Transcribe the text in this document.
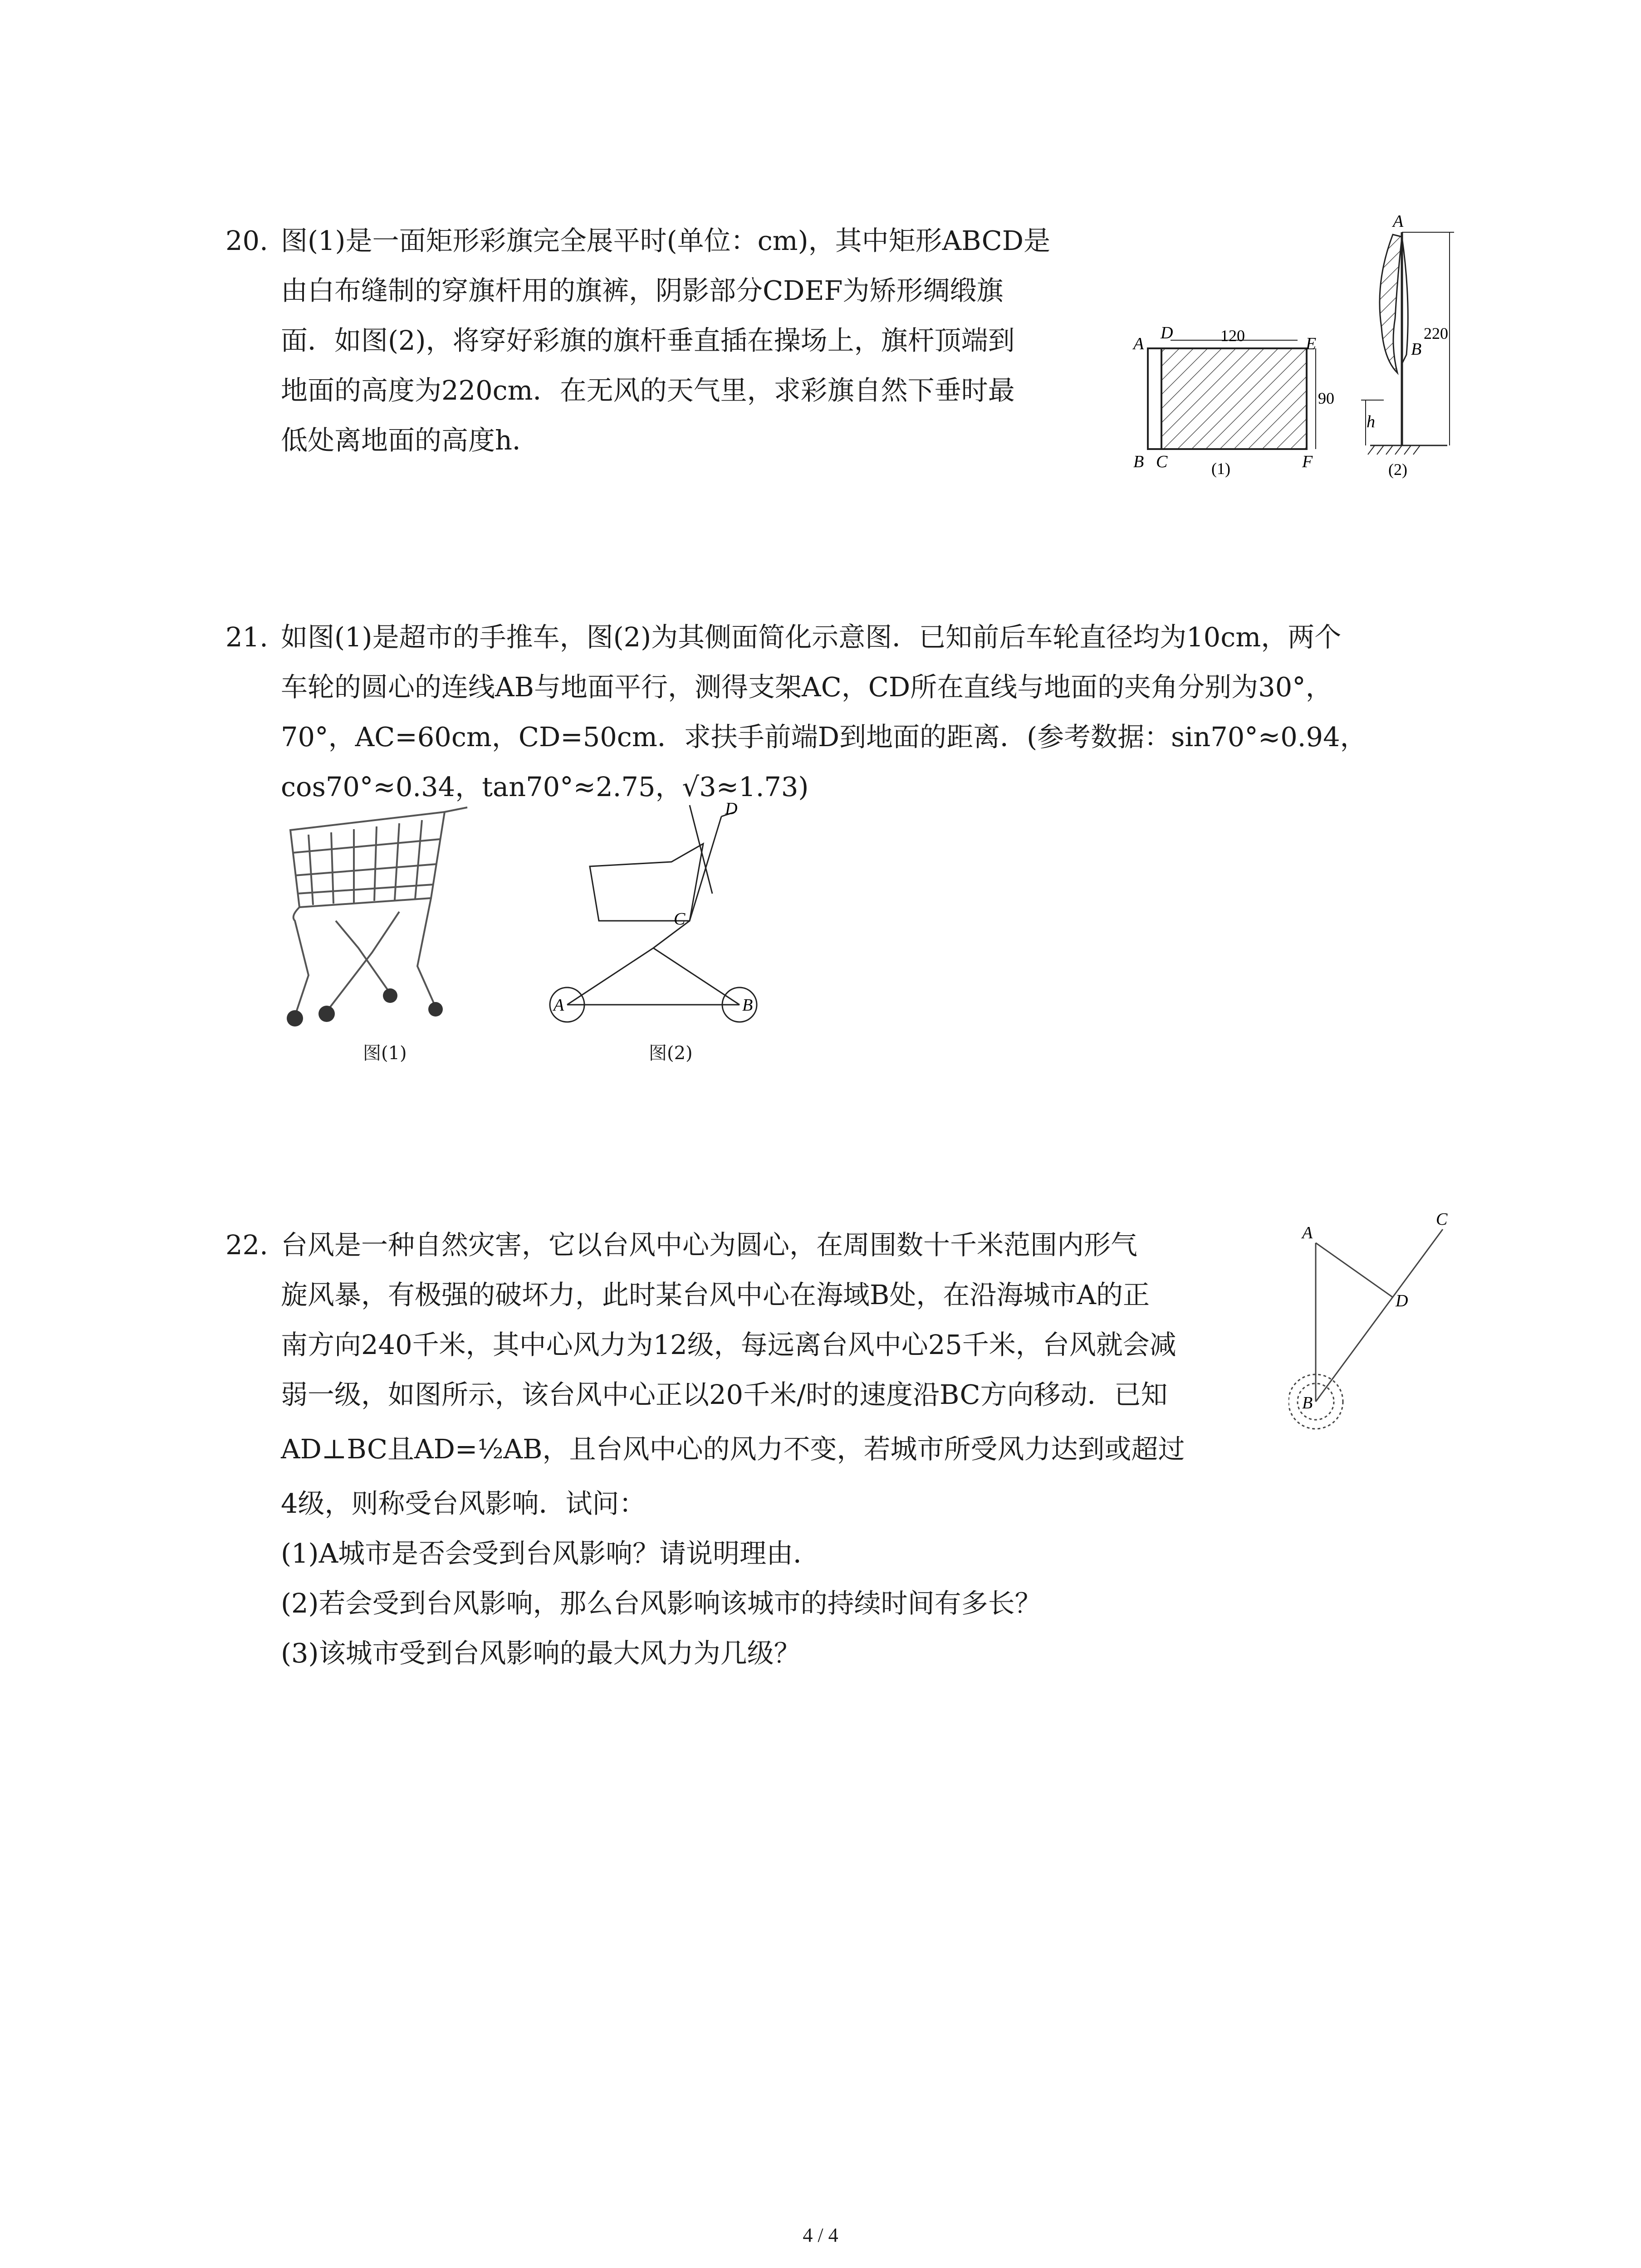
20. 图(1)是一面矩形彩旗完全展平时(单位：cm)，其中矩形ABCD是
由白布缝制的穿旗杆用的旗裤，阴影部分CDEF为矫形绸缎旗
面．如图(2)，将穿好彩旗的旗杆垂直插在操场上，旗杆顶端到
地面的高度为220cm．在无风的天气里，求彩旗自然下垂时最
低处离地面的高度h．
120
90
A
D
E
B C	F
(1)
A
B
220
h
(2)
21. 如图(1)是超市的手推车，图(2)为其侧面简化示意图．已知前后车轮直径均为10cm，两个
车轮的圆心的连线AB与地面平行，测得支架AC，CD所在直线与地面的夹角分别为30°，
70°，AC=60cm，CD=50cm．求扶手前端D到地面的距离．(参考数据：sin70°≈0.94，
cos70°≈0.34，tan70°≈2.75，√3≈1.73)
图(1)
D
C
A	B
图(2)
22. 台风是一种自然灾害，它以台风中心为圆心，在周围数十千米范围内形气
旋风暴，有极强的破坏力，此时某台风中心在海域B处，在沿海城市A的正
南方向240千米，其中心风力为12级，每远离台风中心25千米，台风就会减
弱一级，如图所示，该台风中心正以20千米/时的速度沿BC方向移动．已知
AD⊥BC且AD=½AB，且台风中心的风力不变，若城市所受风力达到或超过
4级，则称受台风影响．试问：
(1)A城市是否会受到台风影响？请说明理由．
(2)若会受到台风影响，那么台风影响该城市的持续时间有多长？
(3)该城市受到台风影响的最大风力为几级？
A
C
D
B
4 / 4
